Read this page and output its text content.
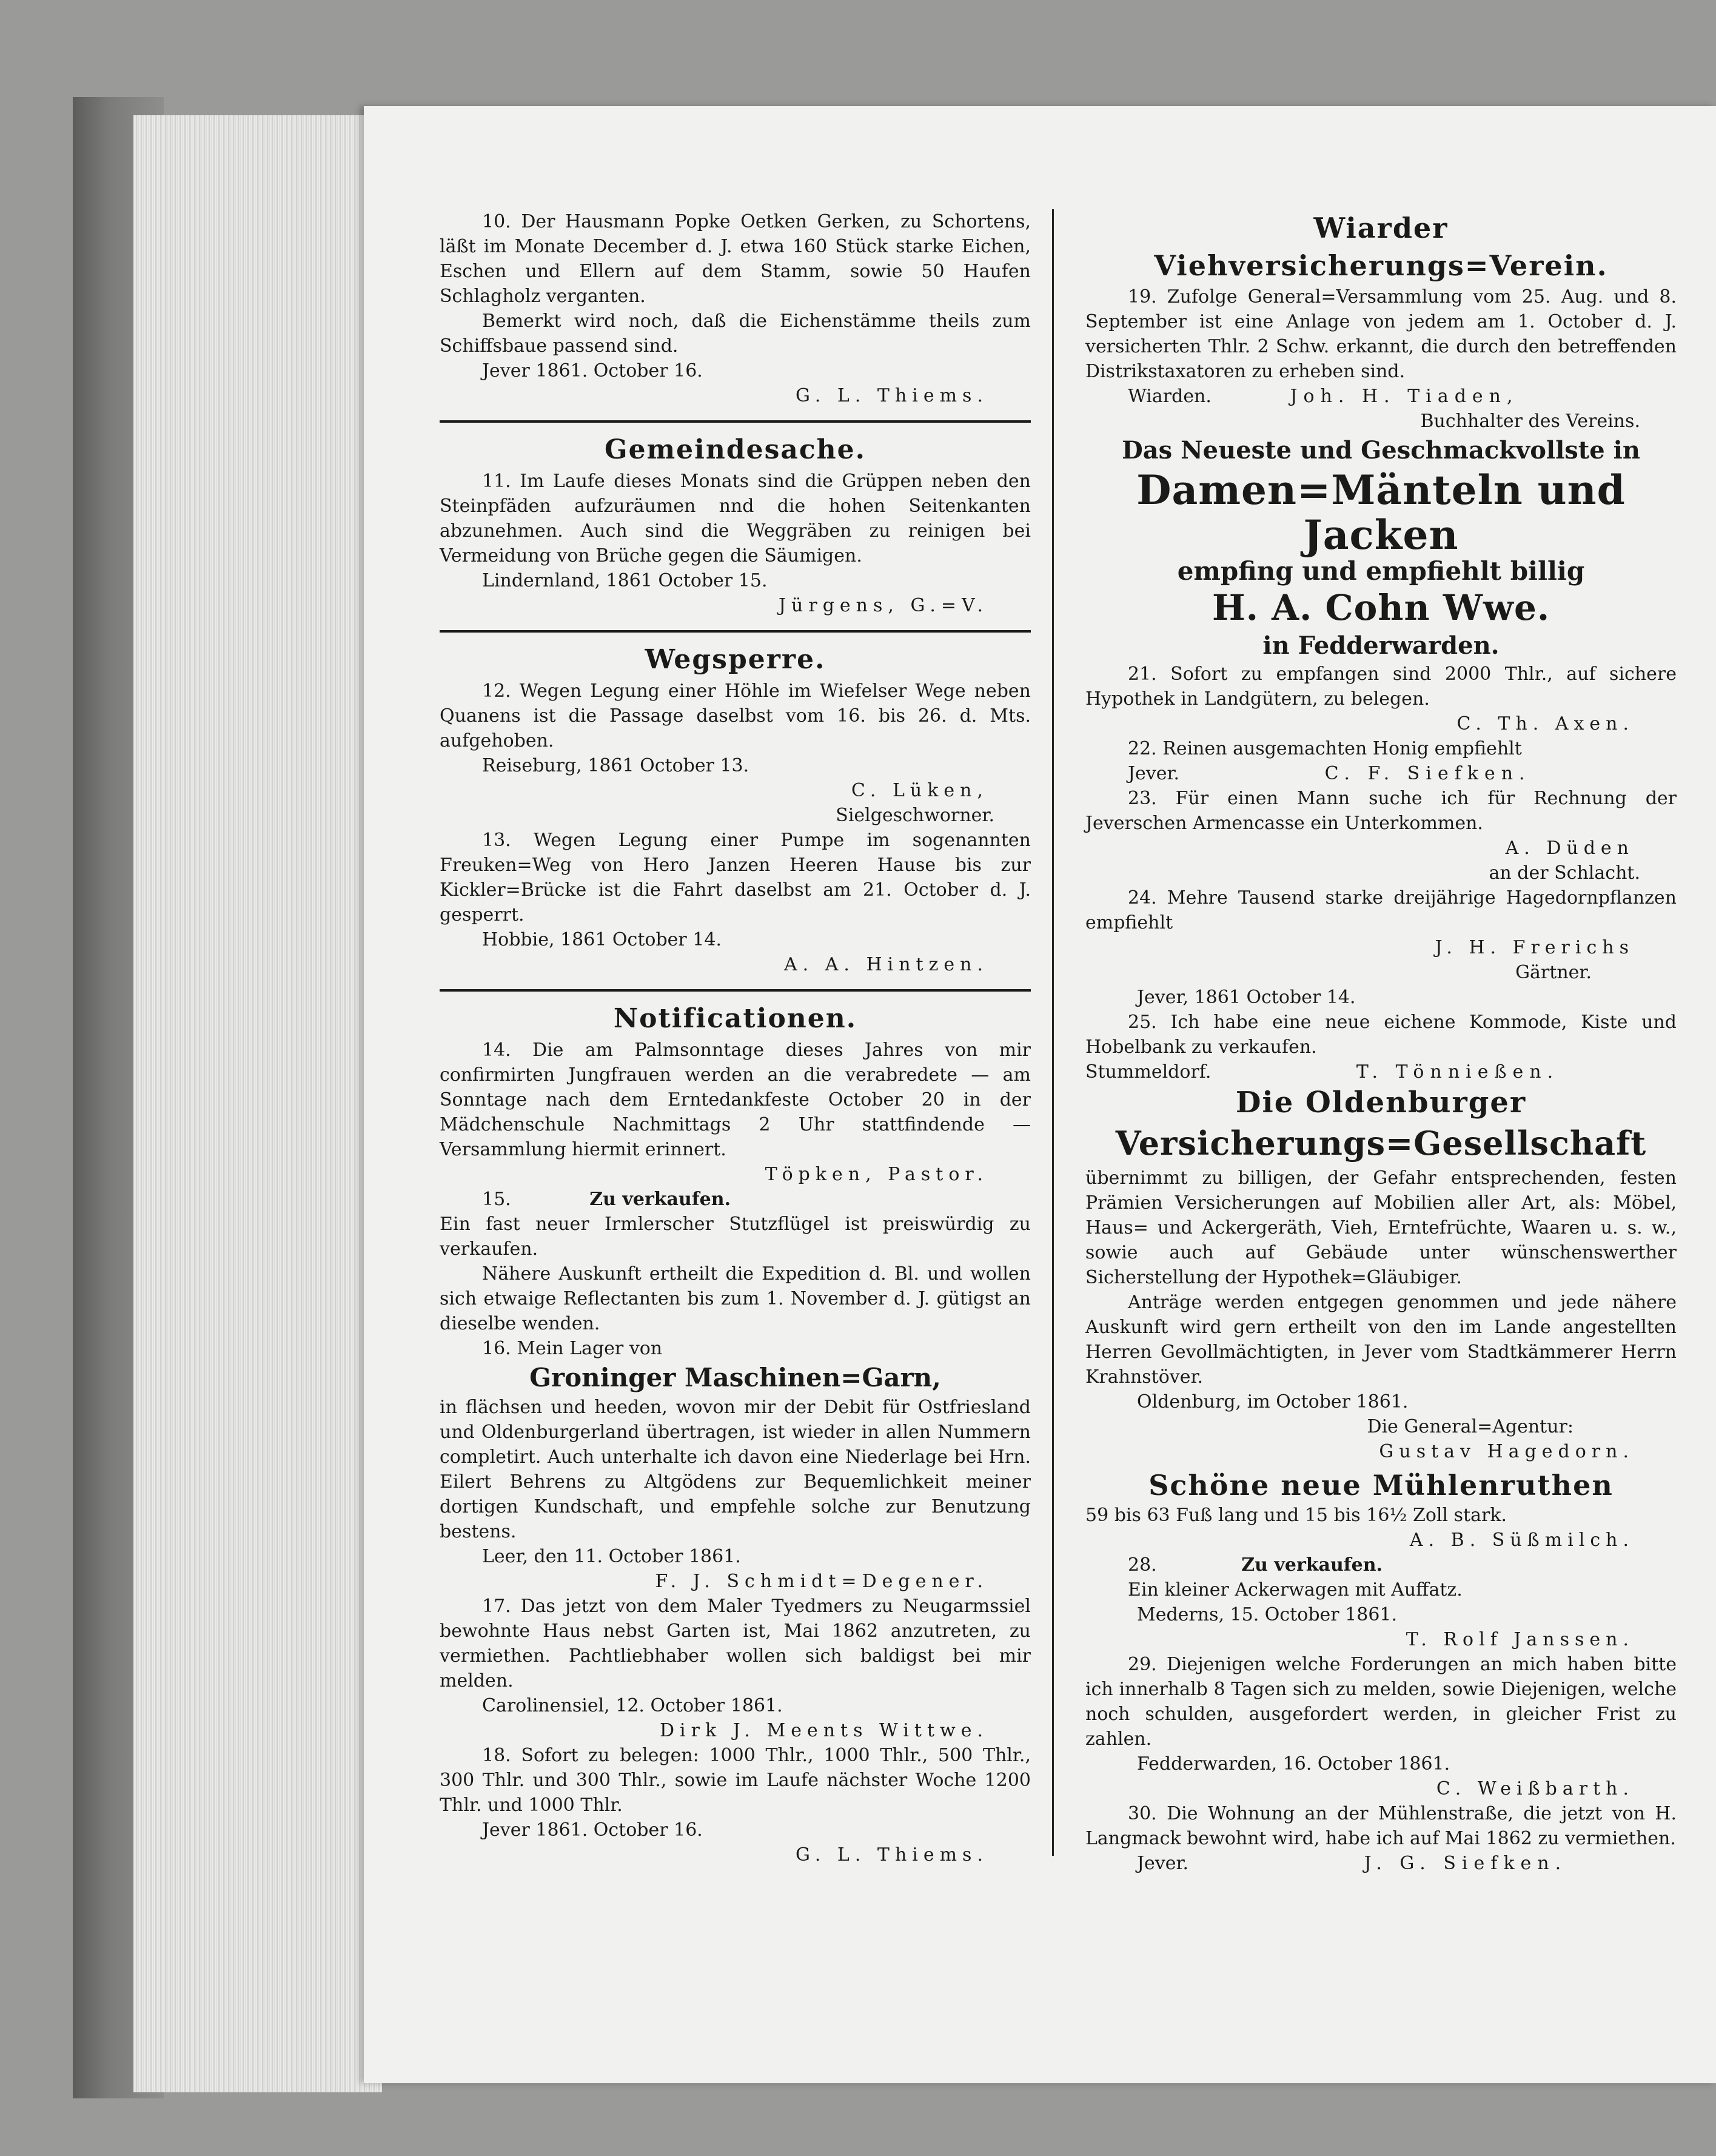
10. Der Hausmann Popke Oetken Gerken, zu Schortens, läßt im Monate December d. J. etwa 160 Stück starke Eichen, Eschen und Ellern auf dem Stamm, sowie 50 Haufen Schlagholz verganten.

Bemerkt wird noch, daß die Eichenstämme theils zum Schiffsbaue passend sind.

Jever 1861. October 16.

G. L. Thiems.

Gemeindesache.

11. Im Laufe dieses Monats sind die Grüppen neben den Steinpfäden aufzuräumen nnd die hohen Seitenkanten abzunehmen. Auch sind die Weggräben zu reinigen bei Vermeidung von Brüche gegen die Säumigen.

Lindernland, 1861 October 15.

Jürgens, G.=V.

Wegsperre.

12. Wegen Legung einer Höhle im Wiefelser Wege neben Quanens ist die Passage daselbst vom 16. bis 26. d. Mts. aufgehoben.

Reiseburg, 1861 October 13.

C. Lüken,

Sielgeschworner.

13. Wegen Legung einer Pumpe im sogenannten Freuken=Weg von Hero Janzen Heeren Hause bis zur Kickler=Brücke ist die Fahrt daselbst am 21. October d. J. gesperrt.

Hobbie, 1861 October 14.

A. A. Hintzen.

Notificationen.

14. Die am Palmsonntage dieses Jahres von mir confirmirten Jungfrauen werden an die verabredete — am Sonntage nach dem Erntedankfeste October 20 in der Mädchenschule Nachmittags 2 Uhr stattfindende — Versammlung hiermit erinnert.

Töpken, Pastor.

15.	Zu verkaufen.

Ein fast neuer Irmlerscher Stutzflügel ist preiswürdig zu verkaufen.

Nähere Auskunft ertheilt die Expedition d. Bl. und wollen sich etwaige Reflectanten bis zum 1. November d. J. gütigst an dieselbe wenden.

16. Mein Lager von

Groninger Maschinen=Garn,

in flächsen und heeden, wovon mir der Debit für Ostfriesland und Oldenburgerland übertragen, ist wieder in allen Nummern completirt. Auch unterhalte ich davon eine Niederlage bei Hrn. Eilert Behrens zu Altgödens zur Bequemlichkeit meiner dortigen Kundschaft, und empfehle solche zur Benutzung bestens.

Leer, den 11. October 1861.

F. J. Schmidt=Degener.

17. Das jetzt von dem Maler Tyedmers zu Neugarmssiel bewohnte Haus nebst Garten ist, Mai 1862 anzutreten, zu vermiethen. Pachtliebhaber wollen sich baldigst bei mir melden.

Carolinensiel, 12. October 1861.

Dirk J. Meents Wittwe.

18. Sofort zu belegen: 1000 Thlr., 1000 Thlr., 500 Thlr., 300 Thlr. und 300 Thlr., sowie im Laufe nächster Woche 1200 Thlr. und 1000 Thlr.

Jever 1861. October 16.

G. L. Thiems.

Wiarder Viehversicherungs=Verein.

19. Zufolge General=Versammlung vom 25. Aug. und 8. September ist eine Anlage von jedem am 1. October d. J. versicherten Thlr. 2 Schw. erkannt, die durch den betreffenden Distrikstaxatoren zu erheben sind.

Wiarden.	Joh. H. Tiaden,

Buchhalter des Vereins.

Das Neueste und Geschmackvollste in
Damen=Mänteln und
Jacken
empfing und empfiehlt billig
H. A. Cohn Wwe.
in Fedderwarden.

21. Sofort zu empfangen sind 2000 Thlr., auf sichere Hypothek in Landgütern, zu belegen.

C. Th. Axen.

22. Reinen ausgemachten Honig empfiehlt

Jever.	C. F. Siefken.

23. Für einen Mann suche ich für Rechnung der Jeverschen Armencasse ein Unterkommen.

A. Düden

an der Schlacht.

24. Mehre Tausend starke dreijährige Hagedornpflanzen empfiehlt

J. H. Frerichs

Gärtner.

Jever, 1861 October 14.

25. Ich habe eine neue eichene Kommode, Kiste und Hobelbank zu verkaufen.

Stummeldorf.	T. Tönnießen.

Die Oldenburger
Versicherungs=Gesellschaft

übernimmt zu billigen, der Gefahr entsprechenden, festen Prämien Versicherungen auf Mobilien aller Art, als: Möbel, Haus= und Ackergeräth, Vieh, Erntefrüchte, Waaren u. s. w., sowie auch auf Gebäude unter wünschenswerther Sicherstellung der Hypothek=Gläubiger.

Anträge werden entgegen genommen und jede nähere Auskunft wird gern ertheilt von den im Lande angestellten Herren Gevollmächtigten, in Jever vom Stadtkämmerer Herrn Krahnstöver.

Oldenburg, im October 1861.

Die General=Agentur:

Gustav Hagedorn.

Schöne neue Mühlenruthen

59 bis 63 Fuß lang und 15 bis 16½ Zoll stark.

A. B. Süßmilch.

28.	Zu verkaufen.

Ein kleiner Ackerwagen mit Auffatz.

Mederns, 15. October 1861.

T. Rolf Janssen.

29. Diejenigen welche Forderungen an mich haben bitte ich innerhalb 8 Tagen sich zu melden, sowie Diejenigen, welche noch schulden, ausgefordert werden, in gleicher Frist zu zahlen.

Fedderwarden, 16. October 1861.

C. Weißbarth.

30. Die Wohnung an der Mühlenstraße, die jetzt von H. Langmack bewohnt wird, habe ich auf Mai 1862 zu vermiethen.

Jever.	J. G. Siefken.
